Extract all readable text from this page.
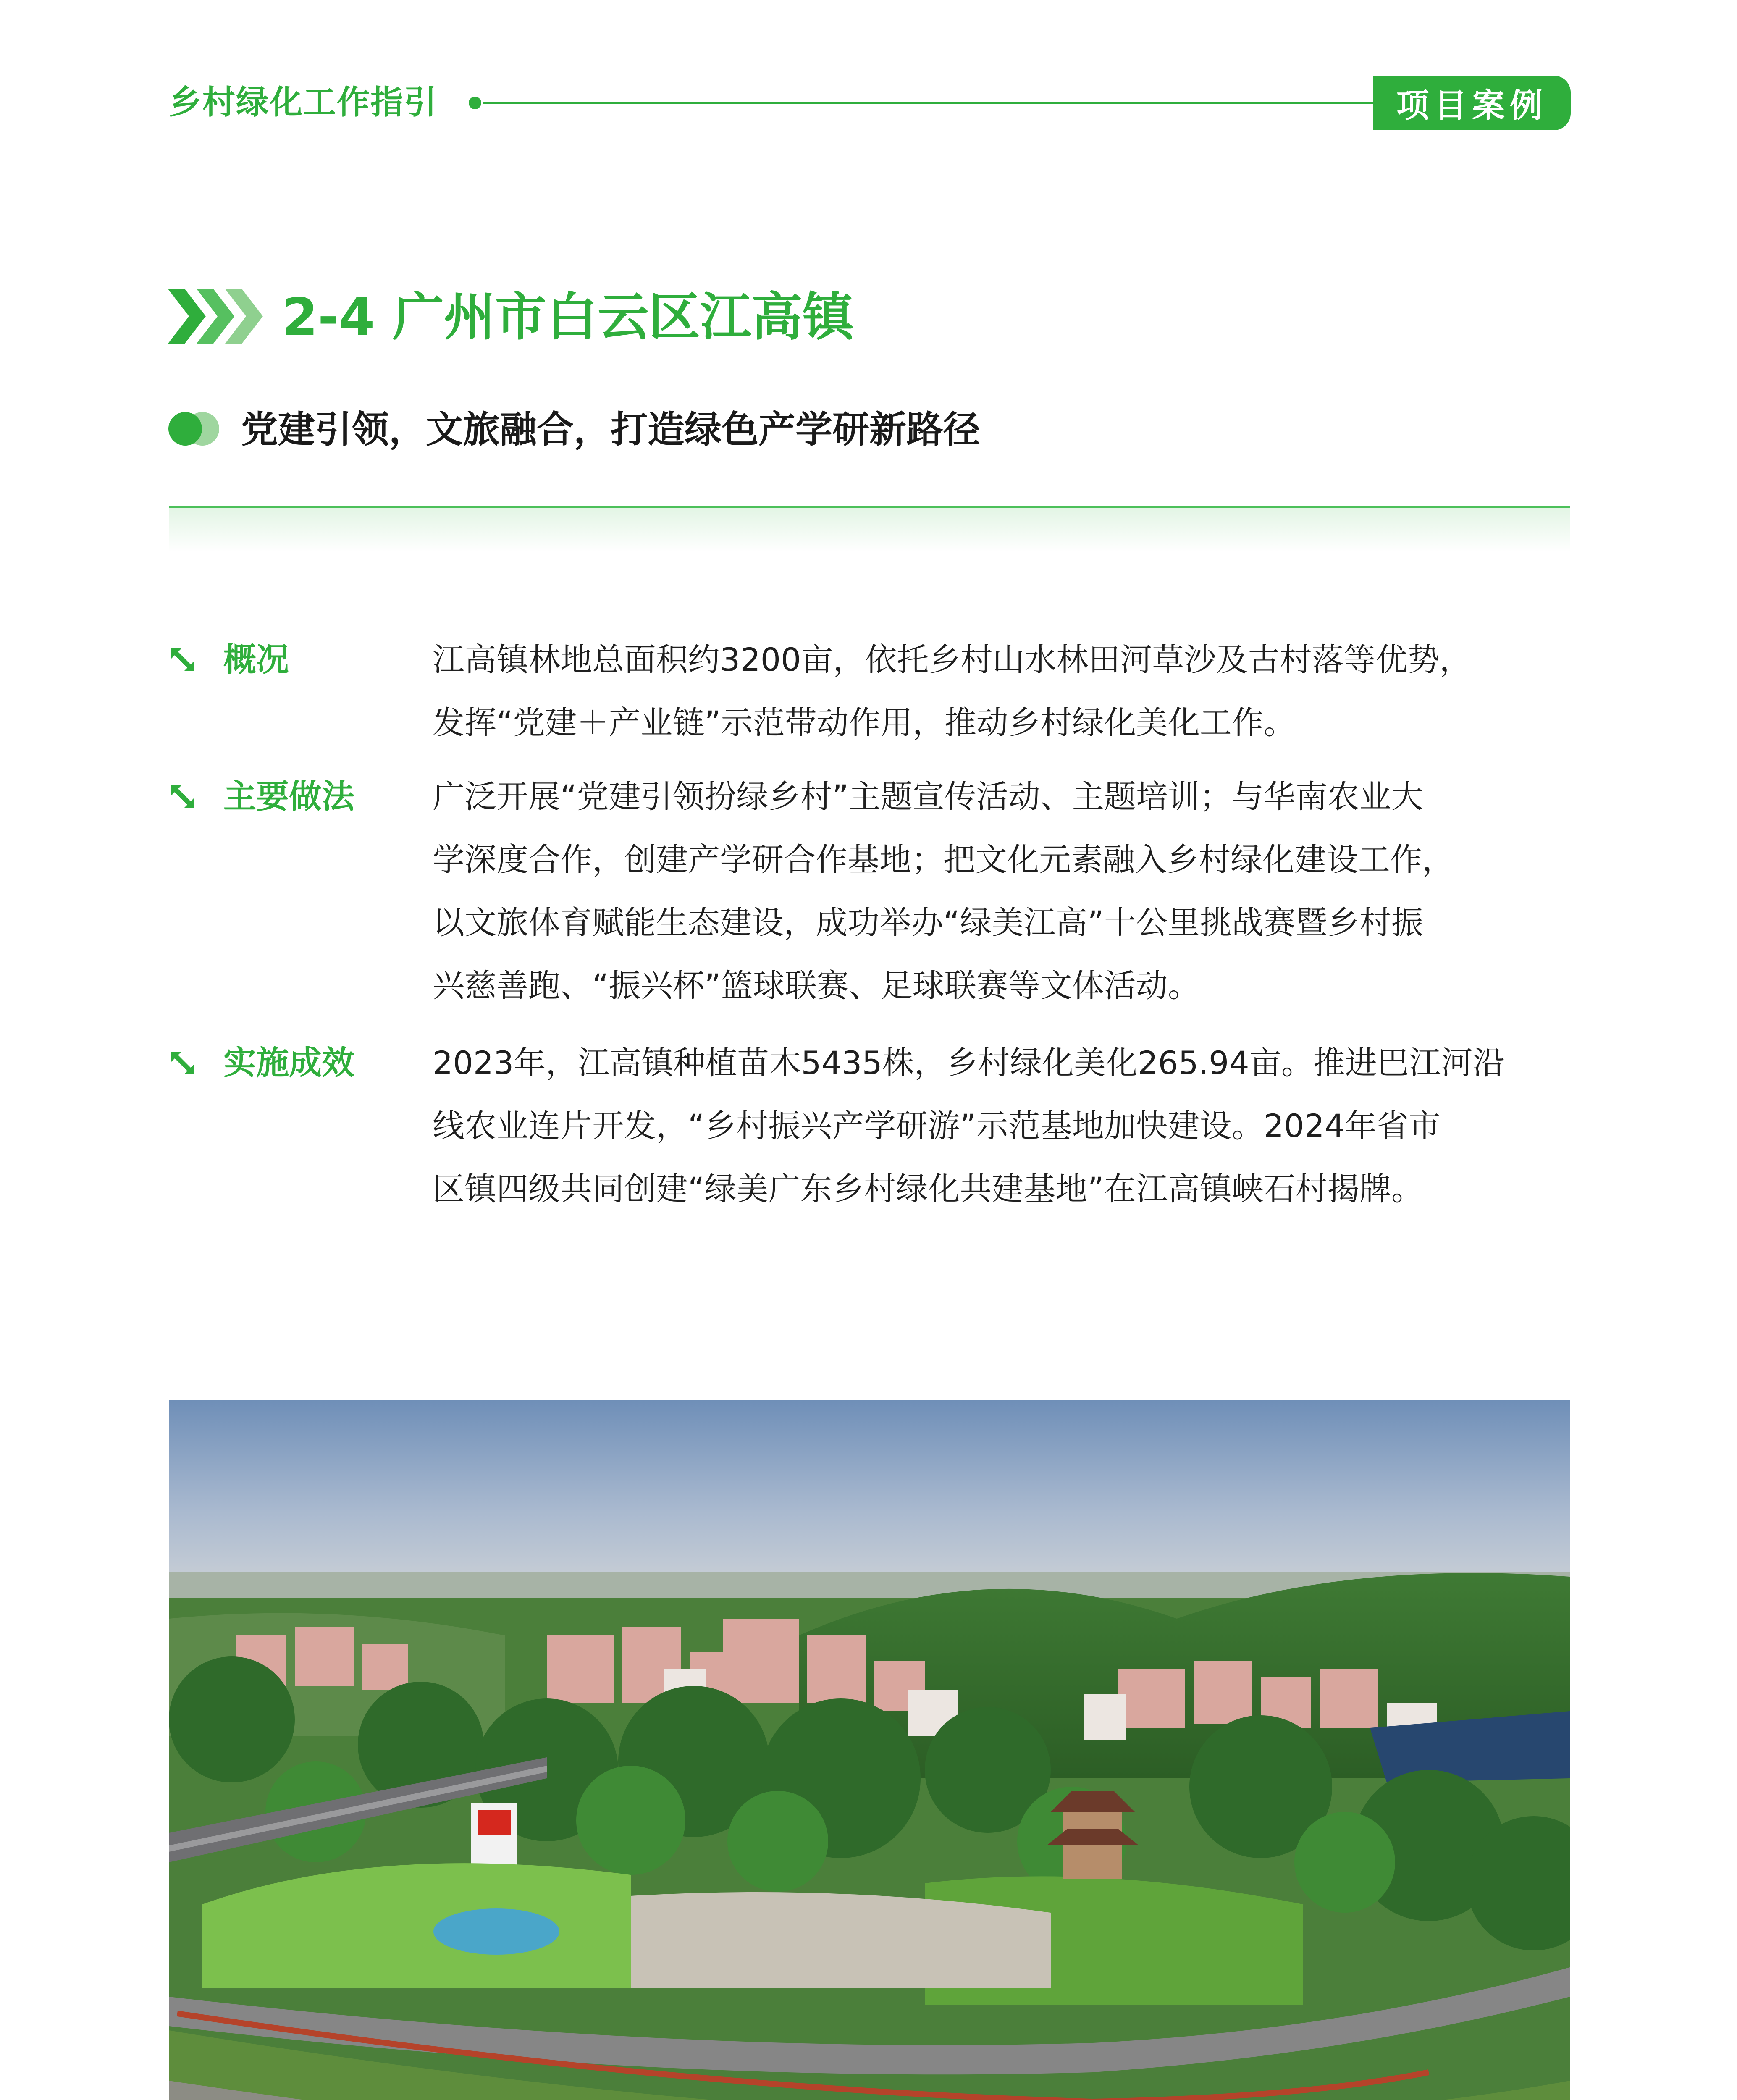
乡村绿化工作指引	项目案例
2-4 广州市白云区江高镇
党建引领，文旅融合，打造绿色产学研新路径
概况	江高镇林地总面积约3200亩，依托乡村山水林田河草沙及古村落等优势，
发挥“党建＋产业链”示范带动作用，推动乡村绿化美化工作。
主要做法 广泛开展“党建引领扮绿乡村”主题宣传活动、主题培训；与华南农业大
学深度合作，创建产学研合作基地；把文化元素融入乡村绿化建设工作，
以文旅体育赋能生态建设，成功举办“绿美江高”十公里挑战赛暨乡村振
兴慈善跑、“振兴杯”篮球联赛、足球联赛等文体活动。
实施成效 2023年，江高镇种植苗木5435株，乡村绿化美化265.94亩。推进巴江河沿
线农业连片开发，“乡村振兴产学研游”示范基地加快建设。2024年省市
区镇四级共同创建“绿美广东乡村绿化共建基地”在江高镇峡石村揭牌。
